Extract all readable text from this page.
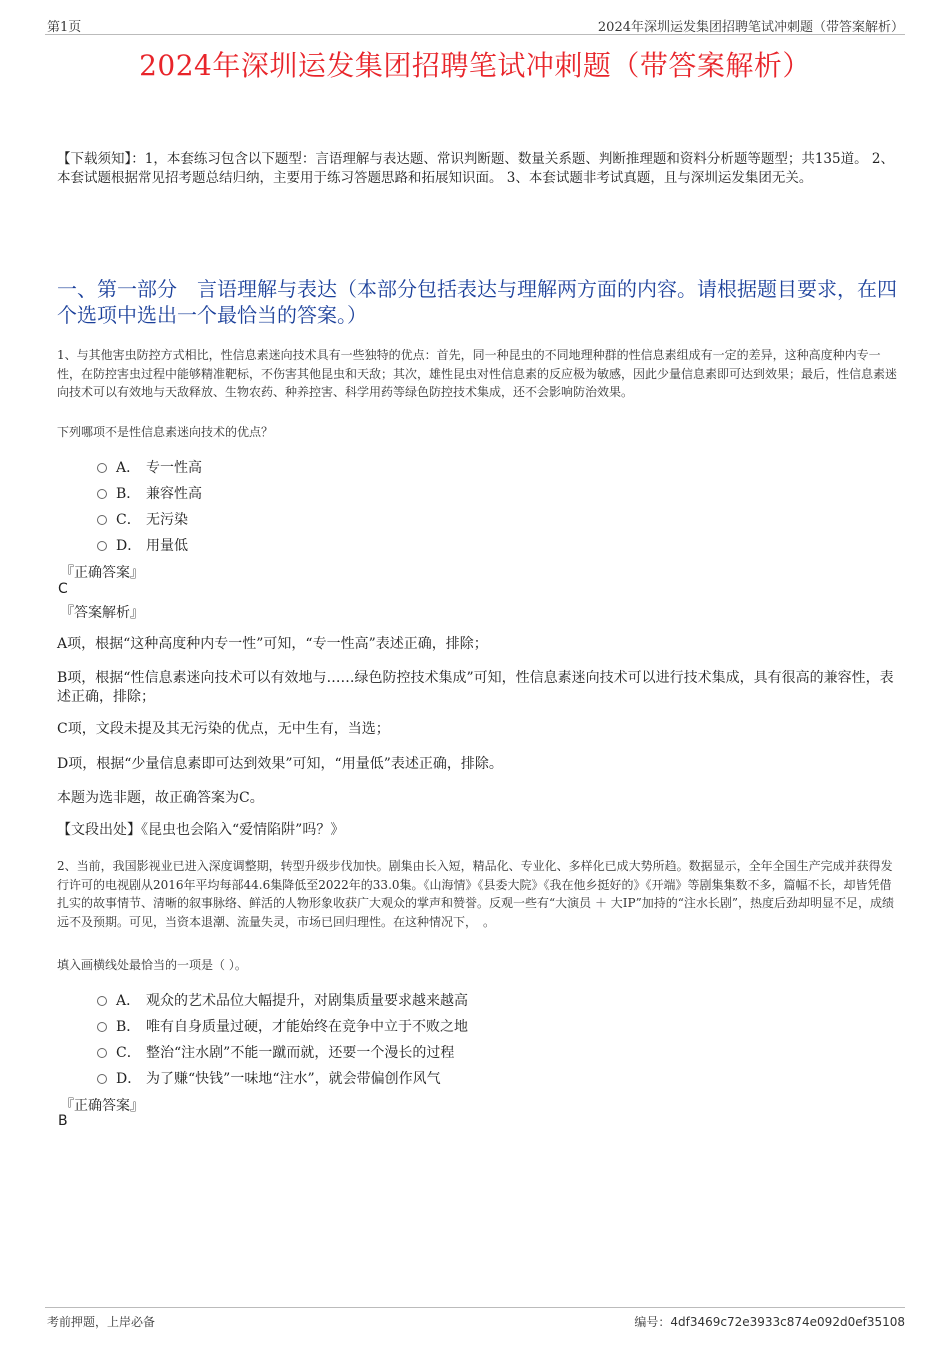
第1页	2024年深圳运发集团招聘笔试冲刺题（带答案解析）
2024年深圳运发集团招聘笔试冲刺题（带答案解析）
【下载须知】：1，本套练习包含以下题型：言语理解与表达题、常识判断题、数量关系题、判断推理题和资料分析题等题型；共135道。 2、本套试题根据常见招考题总结归纳，主要用于练习答题思路和拓展知识面。 3、本套试题非考试真题，且与深圳运发集团无关。
一、第一部分　言语理解与表达（本部分包括表达与理解两方面的内容。请根据题目要求，在四个选项中选出一个最恰当的答案。）
1、与其他害虫防控方式相比，性信息素迷向技术具有一些独特的优点：首先，同一种昆虫的不同地理种群的性信息素组成有一定的差异，这种高度种内专一性，在防控害虫过程中能够精准靶标，不伤害其他昆虫和天敌；其次，雄性昆虫对性信息素的反应极为敏感，因此少量信息素即可达到效果；最后，性信息素迷向技术可以有效地与天敌释放、生物农药、种养控害、科学用药等绿色防控技术集成，还不会影响防治效果。
下列哪项不是性信息素迷向技术的优点？
A． 专一性高
B． 兼容性高
C． 无污染
D． 用量低
『正确答案』
C
『答案解析』
A项，根据“这种高度种内专一性”可知，“专一性高”表述正确，排除；
B项，根据“性信息素迷向技术可以有效地与……绿色防控技术集成”可知，性信息素迷向技术可以进行技术集成，具有很高的兼容性，表述正确，排除；
C项，文段未提及其无污染的优点，无中生有，当选；
D项，根据“少量信息素即可达到效果”可知，“用量低”表述正确，排除。
本题为选非题，故正确答案为C。
【文段出处】《昆虫也会陷入“爱情陷阱”吗？》
2、当前，我国影视业已进入深度调整期，转型升级步伐加快。剧集由长入短，精品化、专业化、多样化已成大势所趋。数据显示，全年全国生产完成并获得发行许可的电视剧从2016年平均每部44.6集降低至2022年的33.0集。《山海情》《县委大院》《我在他乡挺好的》《开端》等剧集集数不多，篇幅不长，却皆凭借扎实的故事情节、清晰的叙事脉络、鲜活的人物形象收获广大观众的掌声和赞誉。反观一些有“大演员 ＋ 大IP”加持的“注水长剧”，热度后劲却明显不足，成绩远不及预期。可见，当资本退潮、流量失灵，市场已回归理性。在这种情况下，　。
填入画横线处最恰当的一项是（ ）。
A． 观众的艺术品位大幅提升，对剧集质量要求越来越高
B． 唯有自身质量过硬，才能始终在竞争中立于不败之地
C． 整治“注水剧”不能一蹴而就，还要一个漫长的过程
D． 为了赚“快钱”一味地“注水”，就会带偏创作风气
『正确答案』
B
考前押题，上岸必备	编号：4df3469c72e3933c874e092d0ef35108
